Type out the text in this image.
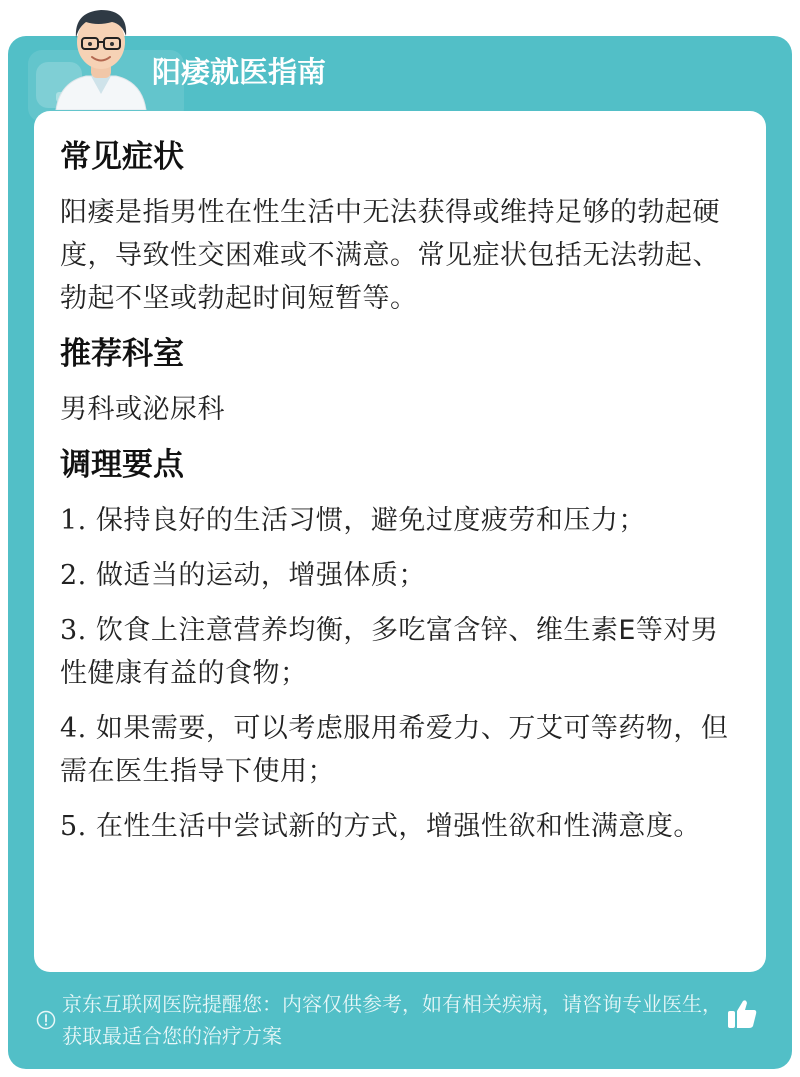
阳痿就医指南
常见症状
阳痿是指男性在性生活中无法获得或维持足够的勃起硬度，导致性交困难或不满意。常见症状包括无法勃起、勃起不坚或勃起时间短暂等。
推荐科室
男科或泌尿科
调理要点
1. 保持良好的生活习惯，避免过度疲劳和压力；
2. 做适当的运动，增强体质；
3. 饮食上注意营养均衡，多吃富含锌、维生素E等对男性健康有益的食物；
4. 如果需要，可以考虑服用希爱力、万艾可等药物，但需在医生指导下使用；
5. 在性生活中尝试新的方式，增强性欲和性满意度。
京东互联网医院提醒您：内容仅供参考，如有相关疾病，请咨询专业医生，获取最适合您的治疗方案
